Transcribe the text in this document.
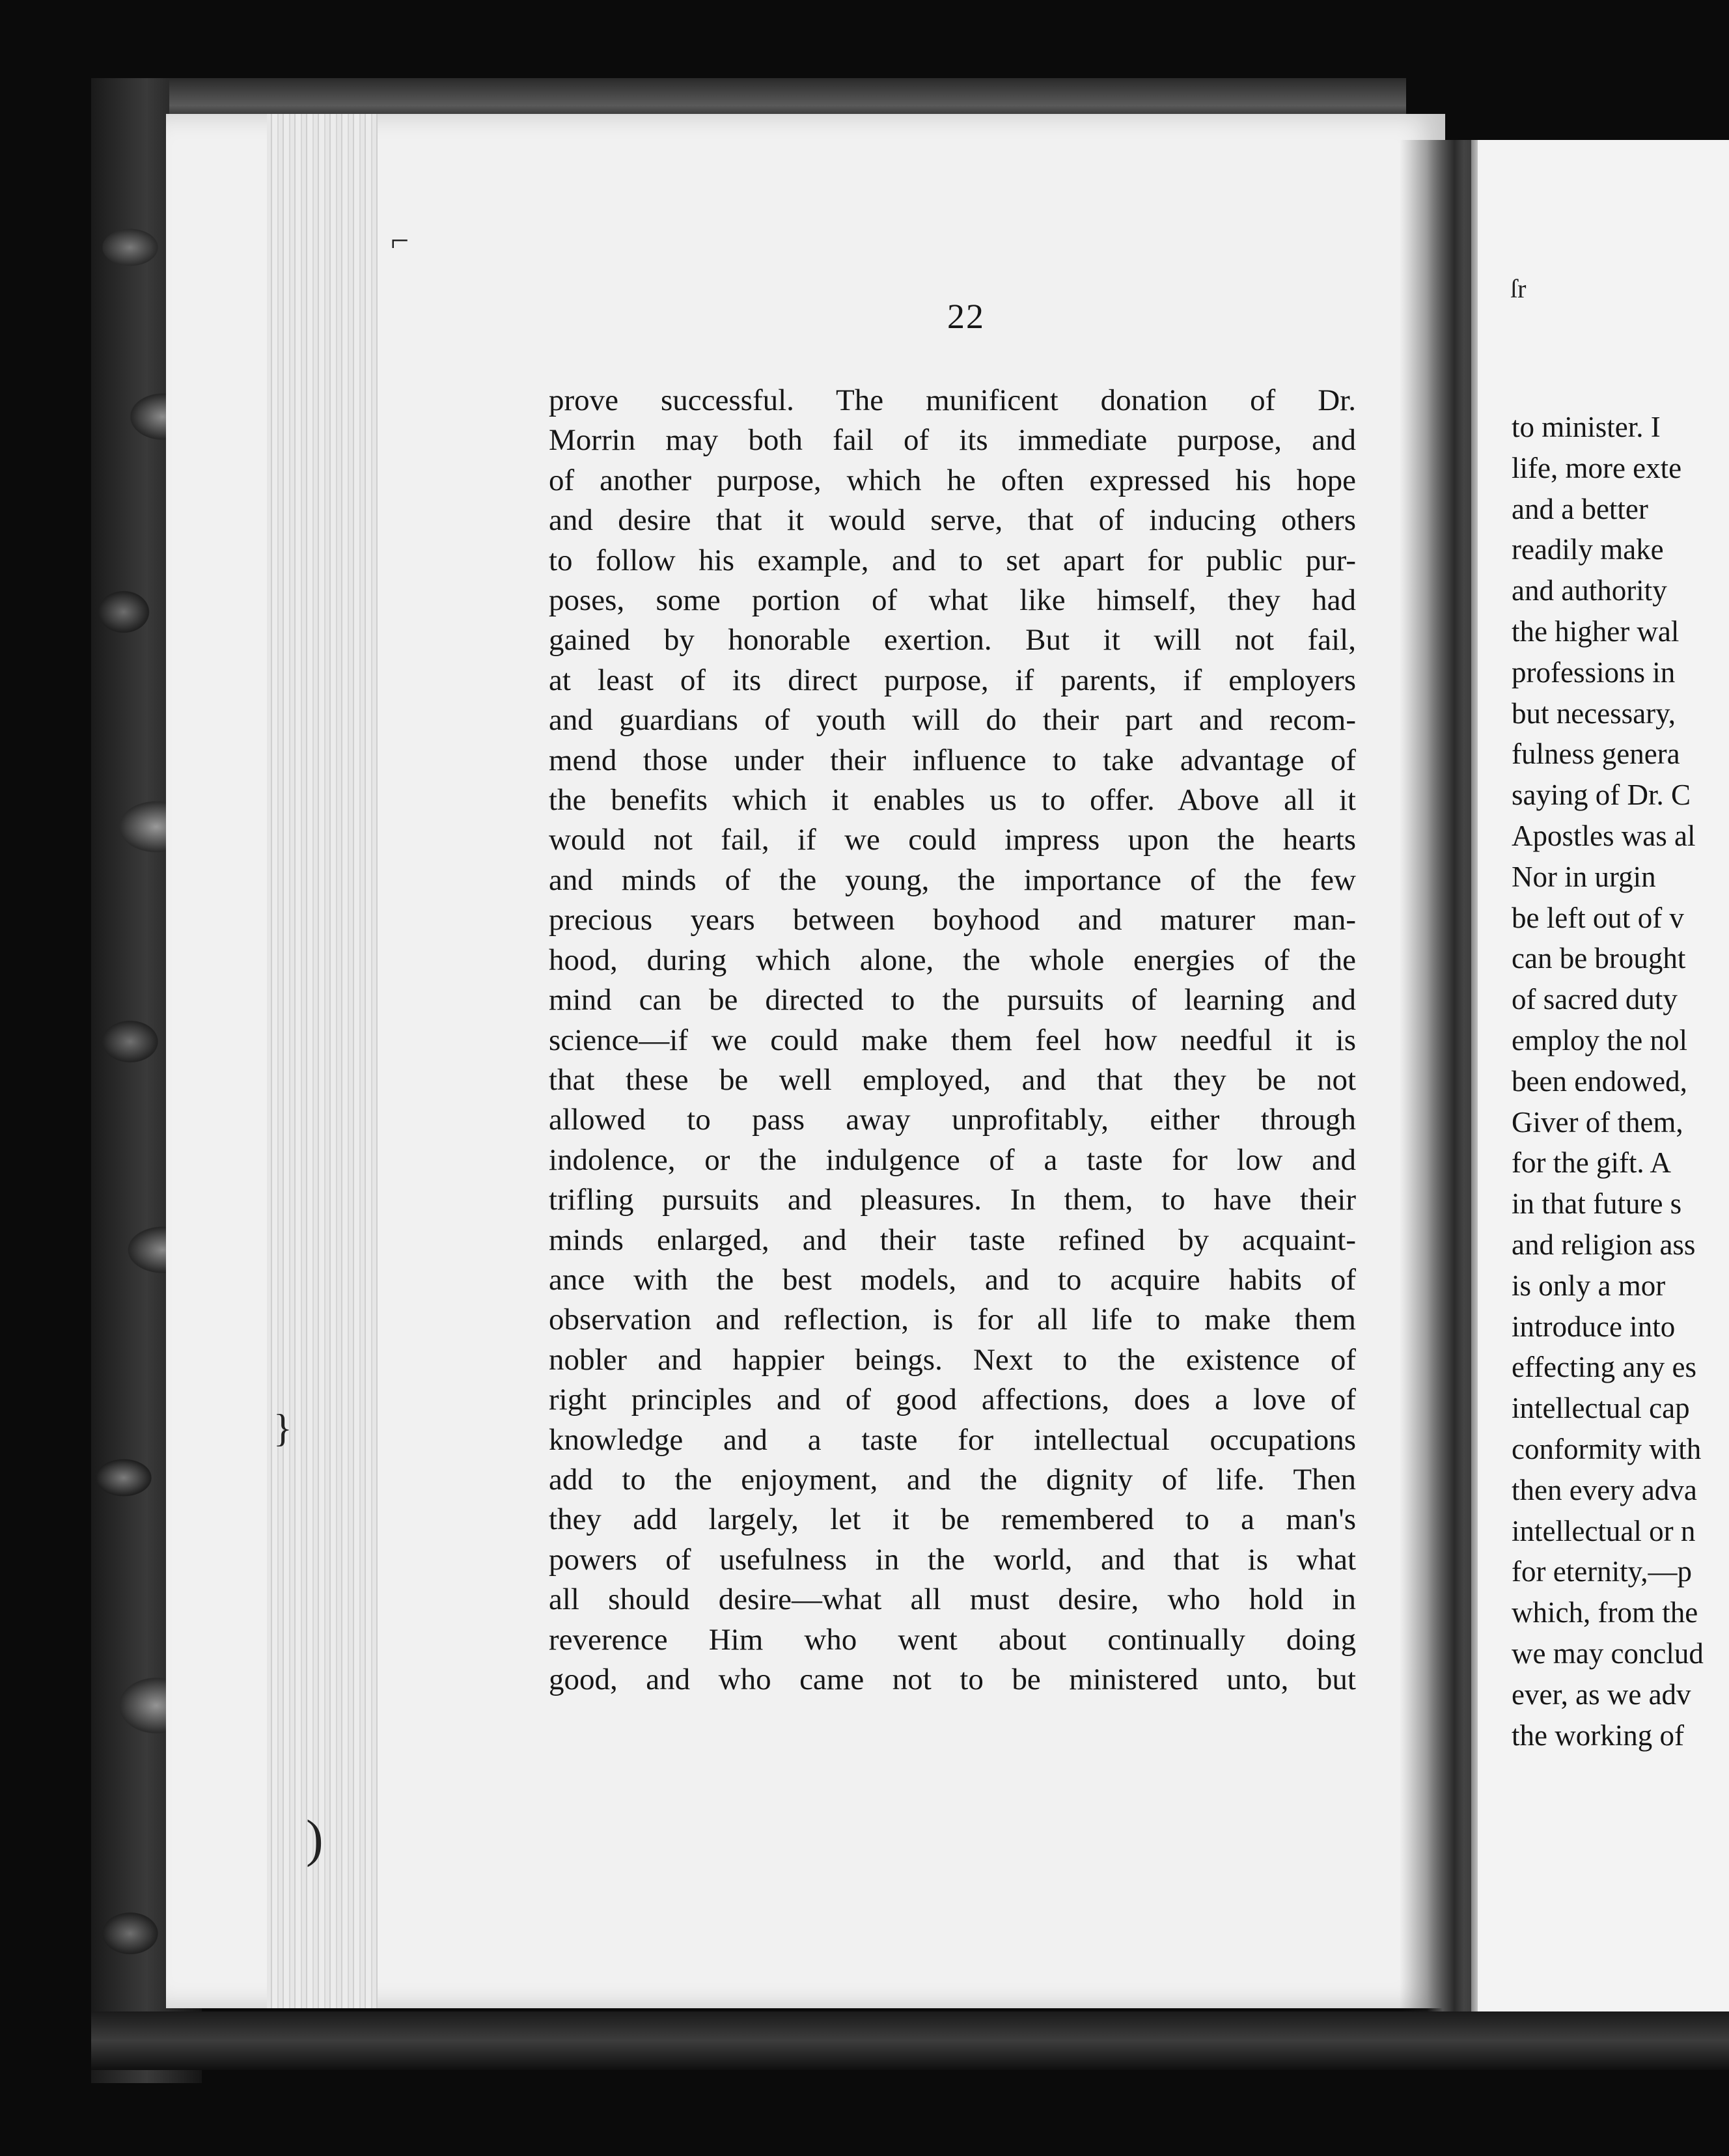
to minister. I
life, more exte
and a better
readily make
and authority
the higher wal
professions in
but necessary,
fulness genera
saying of Dr. C
Apostles was al
Nor in urgin
be left out of v
can be brought
of sacred duty
employ the nol
been endowed,
Giver of them,
for the gift. A
in that future s
and religion ass
is only a mor
introduce into
effecting any es
intellectual cap
conformity with
then every adva
intellectual or n
for eternity,—p
which, from the
we may conclud
ever, as we adv
the working of
22
prove successful. The munificent donation of Dr.
Morrin may both fail of its immediate purpose, and
of another purpose, which he often expressed his hope
and desire that it would serve, that of inducing others
to follow his example, and to set apart for public pur-
poses, some portion of what like himself, they had
gained by honorable exertion. But it will not fail,
at least of its direct purpose, if parents, if employers
and guardians of youth will do their part and recom-
mend those under their influence to take advantage of
the benefits which it enables us to offer. Above all it
would not fail, if we could impress upon the hearts
and minds of the young, the importance of the few
precious years between boyhood and maturer man-
hood, during which alone, the whole energies of the
mind can be directed to the pursuits of learning and
science—if we could make them feel how needful it is
that these be well employed, and that they be not
allowed to pass away unprofitably, either through
indolence, or the indulgence of a taste for low and
trifling pursuits and pleasures. In them, to have their
minds enlarged, and their taste refined by acquaint-
ance with the best models, and to acquire habits of
observation and reflection, is for all life to make them
nobler and happier beings. Next to the existence of
right principles and of good affections, does a love of
knowledge and a taste for intellectual occupations
add to the enjoyment, and the dignity of life. Then
they add largely, let it be remembered to a man's
powers of usefulness in the world, and that is what
all should desire—what all must desire, who hold in
reverence Him who went about continually doing
good, and who came not to be ministered unto, but
⌐
ſr
}
)
